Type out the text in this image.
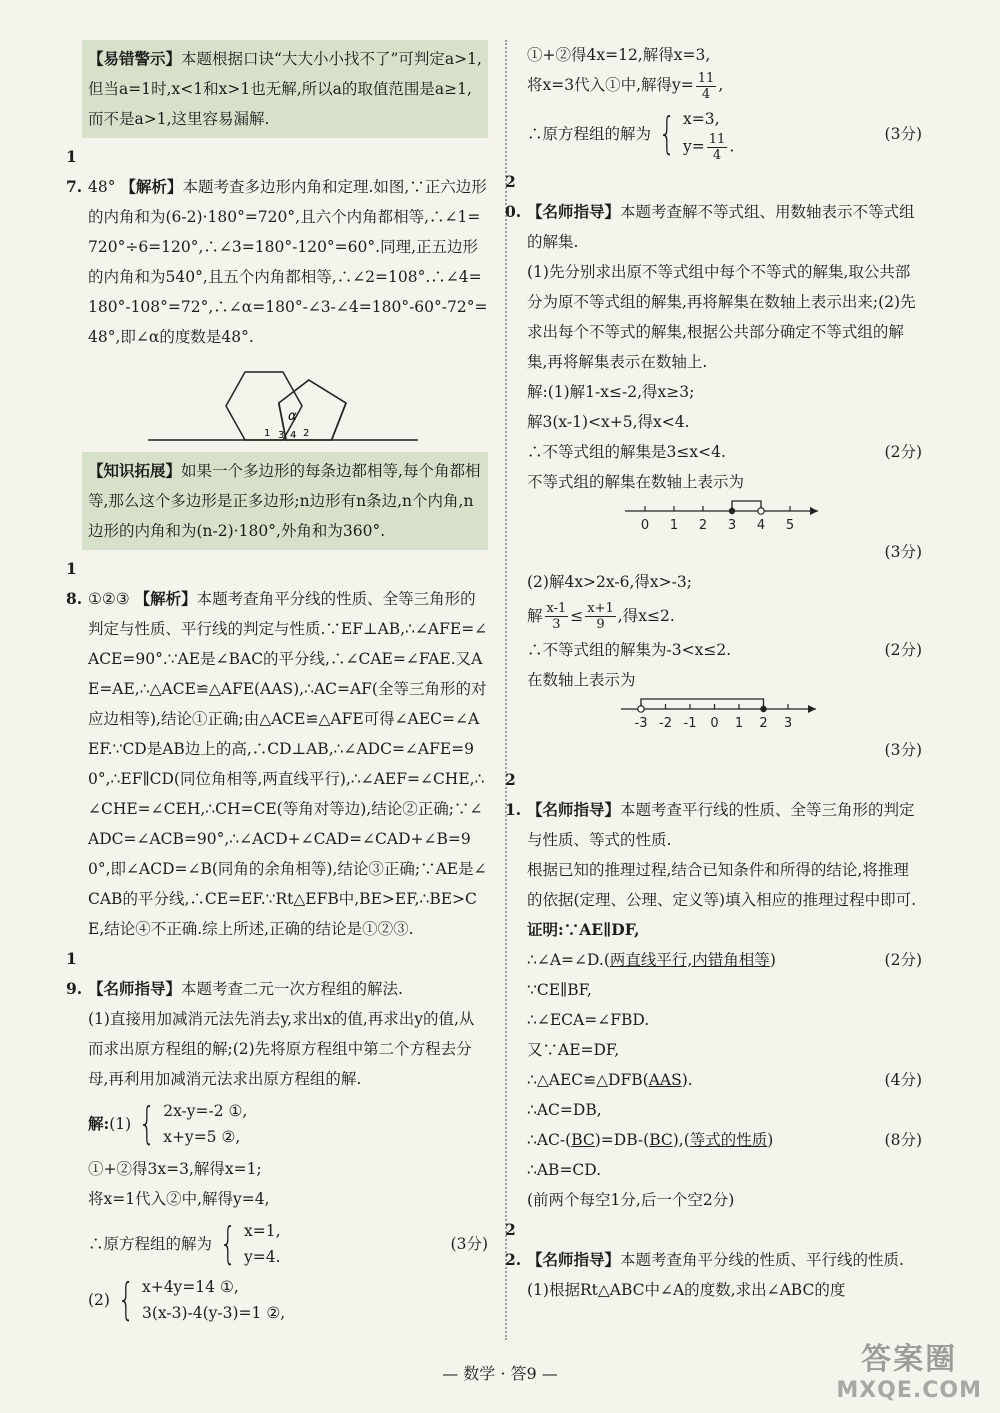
【易错警示】本题根据口诀“大大小小找不了”可判定a>1,但当a=1时,x<1和x>1也无解,所以a的取值范围是a≥1,而不是a>1,这里容易漏解.

17. 48° 【解析】本题考查多边形内角和定理.如图,∵正六边形的内角和为(6-2)·180°=720°,且六个内角都相等,∴∠1=720°÷6=120°,∴∠3=180°-120°=60°.同理,正五边形的内角和为540°,且五个内角都相等,∴∠2=108°.∴∠4=180°-108°=72°,∴∠α=180°-∠3-∠4=180°-60°-72°=48°,即∠α的度数是48°.

α
1 3 4 2

【知识拓展】如果一个多边形的每条边都相等,每个角都相等,那么这个多边形是正多边形;n边形有n条边,n个内角,n边形的内角和为(n-2)·180°,外角和为360°.

18. ①②③ 【解析】本题考查角平分线的性质、全等三角形的判定与性质、平行线的判定与性质.∵EF⊥AB,∴∠AFE=∠ACE=90°.∵AE是∠BAC的平分线,∴∠CAE=∠FAE.又AE=AE,∴△ACE≌△AFE(AAS),∴AC=AF(全等三角形的对应边相等),结论①正确;由△ACE≌△AFE可得∠AEC=∠AEF.∵CD是AB边上的高,∴CD⊥AB,∴∠ADC=∠AFE=90°,∴EF∥CD(同位角相等,两直线平行),∴∠AEF=∠CHE,∴∠CHE=∠CEH,∴CH=CE(等角对等边),结论②正确;∵∠ADC=∠ACB=90°,∴∠ACD+∠CAD=∠CAD+∠B=90°,即∠ACD=∠B(同角的余角相等),结论③正确;∵AE是∠CAB的平分线,∴CE=EF.∵Rt△EFB中,BE>EF,∴BE>CE,结论④不正确.综上所述,正确的结论是①②③.

19. 【名师指导】本题考查二元一次方程组的解法.

(1)直接用加减消元法先消去y,求出x的值,再求出y的值,从而求出原方程组的解;(2)先将原方程组中第二个方程去分母,再利用加减消元法求出原方程组的解.

解: (1) { 2x-y=-2 ①,
x+y=5 ②,

①+②得3x=3,解得x=1;

将x=1代入②中,解得y=4,

∴原方程组的解为 { x=1,
y=4.
(3分)
(2) { x+4y=14 ①,
3(x-3)-4(y-3)=1 ②,

①+②得4x=12,解得x=3,

将x=3代入①中,解得$y= \frac{11}{4}$ ,

∴原方程组的解为 { x=3,
$y= \frac{11}{4}$ .
(3分)

20. 【名师指导】本题考查解不等式组、用数轴表示不等式组的解集.

(1)先分别求出原不等式组中每个不等式的解集,取公共部分为原不等式组的解集,再将解集在数轴上表示出来;(2)先求出每个不等式的解集,根据公共部分确定不等式组的解集,再将解集表示在数轴上.

解:(1)解1-x≤-2,得x≥3;

解3(x-1)<x+5,得x<4.

∴不等式组的解集是3≤x<4.	(2分)

不等式组的解集在数轴上表示为

0 1 2 3 4 5
(3分)

(2)解4x>2x-6,得x>-3;

解 $\frac{x-1}{3} \le \frac{x+1}{9}$ ,得x≤2.

∴不等式组的解集为-3<x≤2.	(2分)

在数轴上表示为

-3 -2 -1 0 1 2 3
(3分)

21. 【名师指导】本题考查平行线的性质、全等三角形的判定与性质、等式的性质.

根据已知的推理过程,结合已知条件和所得的结论,将推理的依据(定理、公理、定义等)填入相应的推理过程中即可.

证明:∵AE∥DF,

∴∠A=∠D.(两直线平行,内错角相等)	(2分)

∵CE∥BF,

∴∠ECA=∠FBD.

又∵AE=DF,

∴△AEC≌△DFB(AAS).	(4分)

∴AC=DB,

∴AC-(BC)=DB-(BC),(等式的性质)	(8分)

∴AB=CD.

(前两个每空1分,后一个空2分)

22. 【名师指导】本题考查角平分线的性质、平行线的性质.

(1)根据Rt△ABC中∠A的度数,求出∠ABC的度

— 数学 · 答9 —	答案圈
MXQE.COM
